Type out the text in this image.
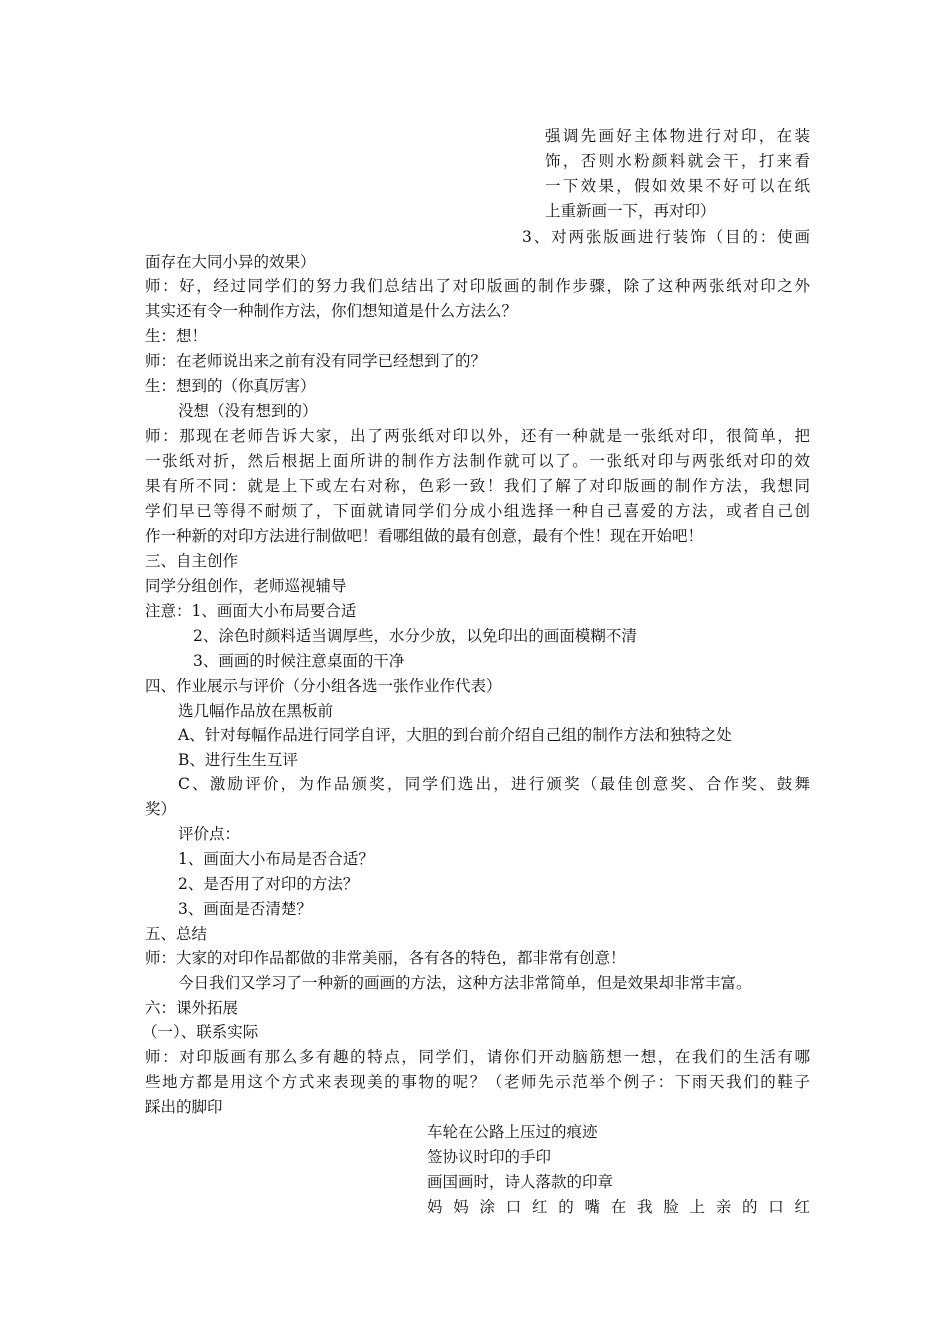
强调先画好主体物进行对印，在装
饰，否则水粉颜料就会干，打来看
一下效果，假如效果不好可以在纸
上重新画一下，再对印）
3、对两张版画进行装饰（目的：使画
面存在大同小异的效果）
师：好，经过同学们的努力我们总结出了对印版画的制作步骤，除了这种两张纸对印之外
其实还有令一种制作方法，你们想知道是什么方法么？
生：想！
师：在老师说出来之前有没有同学已经想到了的？
生：想到的（你真厉害）
没想（没有想到的）
师：那现在老师告诉大家，出了两张纸对印以外，还有一种就是一张纸对印，很简单，把
一张纸对折，然后根据上面所讲的制作方法制作就可以了。一张纸对印与两张纸对印的效
果有所不同：就是上下或左右对称，色彩一致！我们了解了对印版画的制作方法，我想同
学们早已等得不耐烦了，下面就请同学们分成小组选择一种自己喜爱的方法，或者自己创
作一种新的对印方法进行制做吧！看哪组做的最有创意，最有个性！现在开始吧！
三、自主创作
同学分组创作，老师巡视辅导
注意：1、画面大小布局要合适
2、涂色时颜料适当调厚些，水分少放，以免印出的画面模糊不清
3、画画的时候注意桌面的干净
四、作业展示与评价（分小组各选一张作业作代表）
选几幅作品放在黑板前
A、针对每幅作品进行同学自评，大胆的到台前介绍自己组的制作方法和独特之处
B、进行生生互评
C、激励评价，为作品颁奖，同学们选出，进行颁奖（最佳创意奖、合作奖、鼓舞
奖）
评价点：
1、画面大小布局是否合适？
2、是否用了对印的方法？
3、画面是否清楚？
五、总结
师：大家的对印作品都做的非常美丽，各有各的特色，都非常有创意！
今日我们又学习了一种新的画画的方法，这种方法非常简单，但是效果却非常丰富。
六：课外拓展
（一）、联系实际
师：对印版画有那么多有趣的特点，同学们，请你们开动脑筋想一想，在我们的生活有哪
些地方都是用这个方式来表现美的事物的呢？（老师先示范举个例子：下雨天我们的鞋子
踩出的脚印
车轮在公路上压过的痕迹
签协议时印的手印
画国画时，诗人落款的印章
妈妈涂口红的嘴在我脸上亲的口红
